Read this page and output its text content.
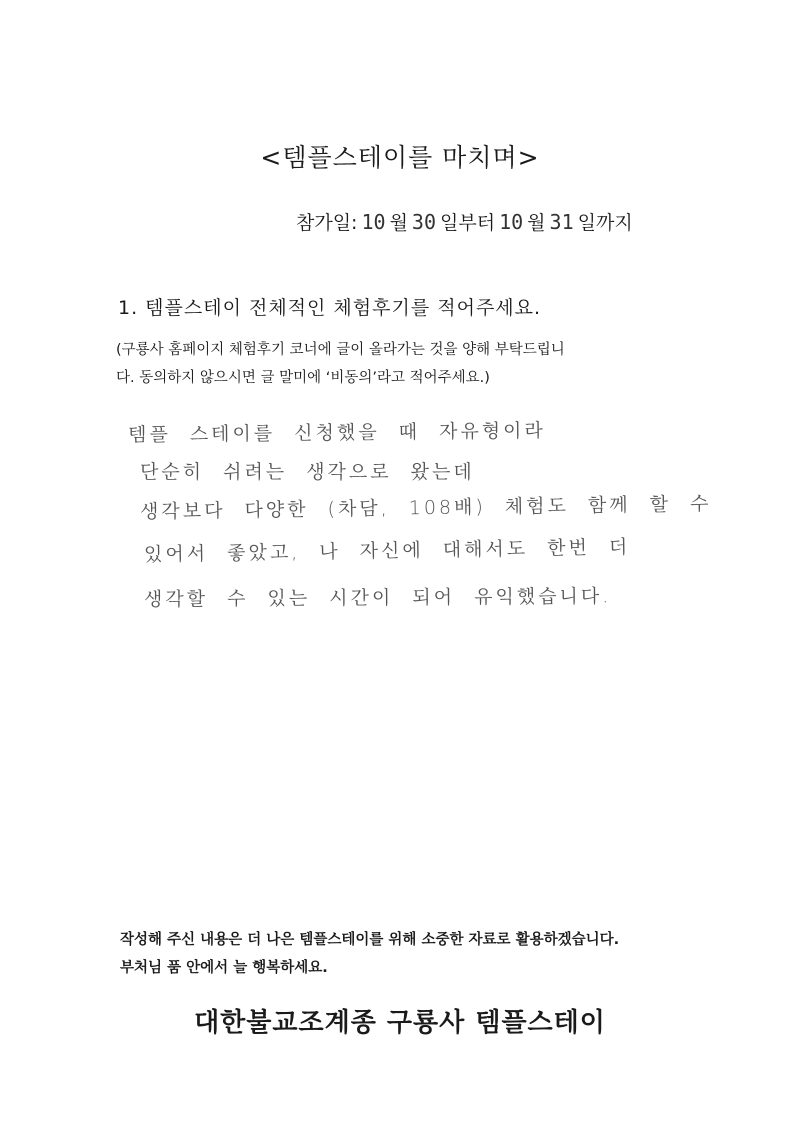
<템플스테이를 마치며>
참가일: 10 월 30 일부터 10 월 31 일까지
1. 템플스테이 전체적인 체험후기를 적어주세요.
(구룡사 홈페이지 체험후기 코너에 글이 올라가는 것을 양해 부탁드립니
다. 동의하지 않으시면 글 말미에 ‘비동의’라고 적어주세요.)
템플 스테이를 신청했을 때 자유형이라
단순히 쉬려는 생각으로 왔는데
생각보다 다양한 (차담, 108배) 체험도 함께 할 수
있어서 좋았고, 나 자신에 대해서도 한번 더
생각할 수 있는 시간이 되어 유익했습니다.
작성해 주신 내용은 더 나은 템플스테이를 위해 소중한 자료로 활용하겠습니다.
부처님 품 안에서 늘 행복하세요.
대한불교조계종 구룡사 템플스테이
